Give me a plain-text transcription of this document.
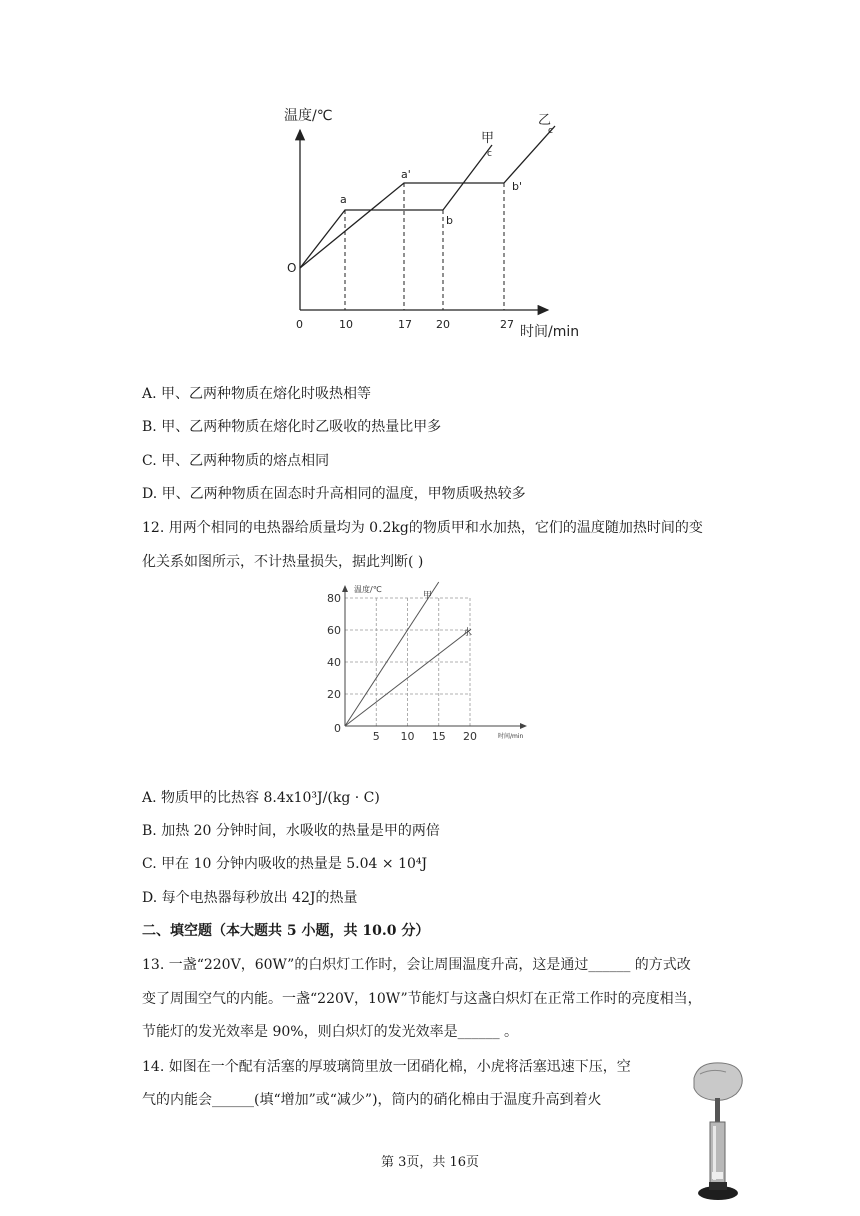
温度/℃
时间/min
O
a
b
c
a'
b'
c
甲
乙
0	10	17 20	27
A. 甲、乙两种物质在熔化时吸热相等
B. 甲、乙两种物质在熔化时乙吸收的热量比甲多
C. 甲、乙两种物质的熔点相同
D. 甲、乙两种物质在固态时升高相同的温度，甲物质吸热较多
12. 用两个相同的电热器给质量均为 0.2kg的物质甲和水加热，它们的温度随加热时间的变
化关系如图所示，不计热量损失，据此判断( )
20
40
60
80
5 10 15 20
温度/℃
时间/min
0
甲
水
A. 物质甲的比热容 8.4x10³J/(kg · C)
B. 加热 20 分钟时间，水吸收的热量是甲的两倍
C. 甲在 10 分钟内吸收的热量是 5.04 × 10⁴J
D. 每个电热器每秒放出 42J的热量
二、填空题（本大题共 5 小题，共 10.0 分）
13. 一盏“220V，60W”的白炽灯工作时，会让周围温度升高，这是通过______ 的方式改
变了周围空气的内能。一盏“220V，10W”节能灯与这盏白炽灯在正常工作时的亮度相当，
节能灯的发光效率是 90%，则白炽灯的发光效率是______ 。
14. 如图在一个配有活塞的厚玻璃筒里放一团硝化棉，小虎将活塞迅速下压，空
气的内能会______(填“增加”或“减少”)，筒内的硝化棉由于温度升高到着火
第 3页，共 16页
